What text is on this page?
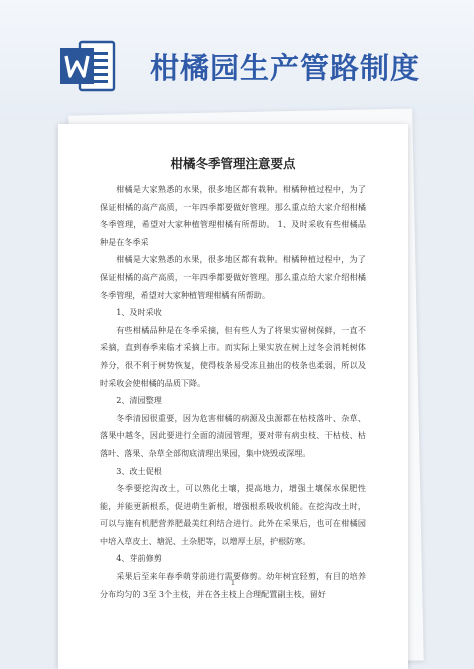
柑橘园生产管路制度

柑橘冬季管理注意要点

柑橘是大家熟悉的水果，很多地区都有栽种。柑橘种植过程中，为了保证柑橘的高产高质，一年四季都要做好管理。那么重点给大家介绍柑橘冬季管理，希望对大家种植管理柑橘有所帮助。 1、及时采收有些柑橘品种是在冬季采

柑橘是大家熟悉的水果，很多地区都有栽种。柑橘种植过程中，为了保证柑橘的高产高质，一年四季都要做好管理。那么重点给大家介绍柑橘冬季管理，希望对大家种植管理柑橘有所帮助。

1、及时采收

有些柑橘品种是在冬季采摘，但有些人为了将果实留树保鲜，一直不采摘，直到春季来临才采摘上市。而实际上果实放在树上过冬会消耗树体养分，很不利于树势恢复，使得枝条易受冻且抽出的枝条也柔弱，所以及时采收会使柑橘的品质下降。

2、清园整理

冬季清园很重要，因为危害柑橘的病源及虫源都在枯枝落叶、杂草、落果中越冬，因此要进行全面的清园管理，要对带有病虫枝、干枯枝、枯落叶、落果、杂草全部彻底清理出果园，集中烧毁或深埋。

3、改土促根

冬季要挖沟改土，可以熟化土壤，提高地力，增强土壤保水保肥性能，并能更新根系，促进萌生新根，增强根系吸收机能。在挖沟改土时，可以与施有机肥营养肥最美红利结合进行。此外在采果后，也可在柑橘园中培入草皮土、塘泥、土杂肥等，以增厚土层，护根防寒。

4、芽前修剪

采果后至来年春季萌芽前进行需要修剪。幼年树宜轻剪，有目的培养分布均匀的 3至 3个主枝，并在各主枝上合理配置副主枝，留好

1
